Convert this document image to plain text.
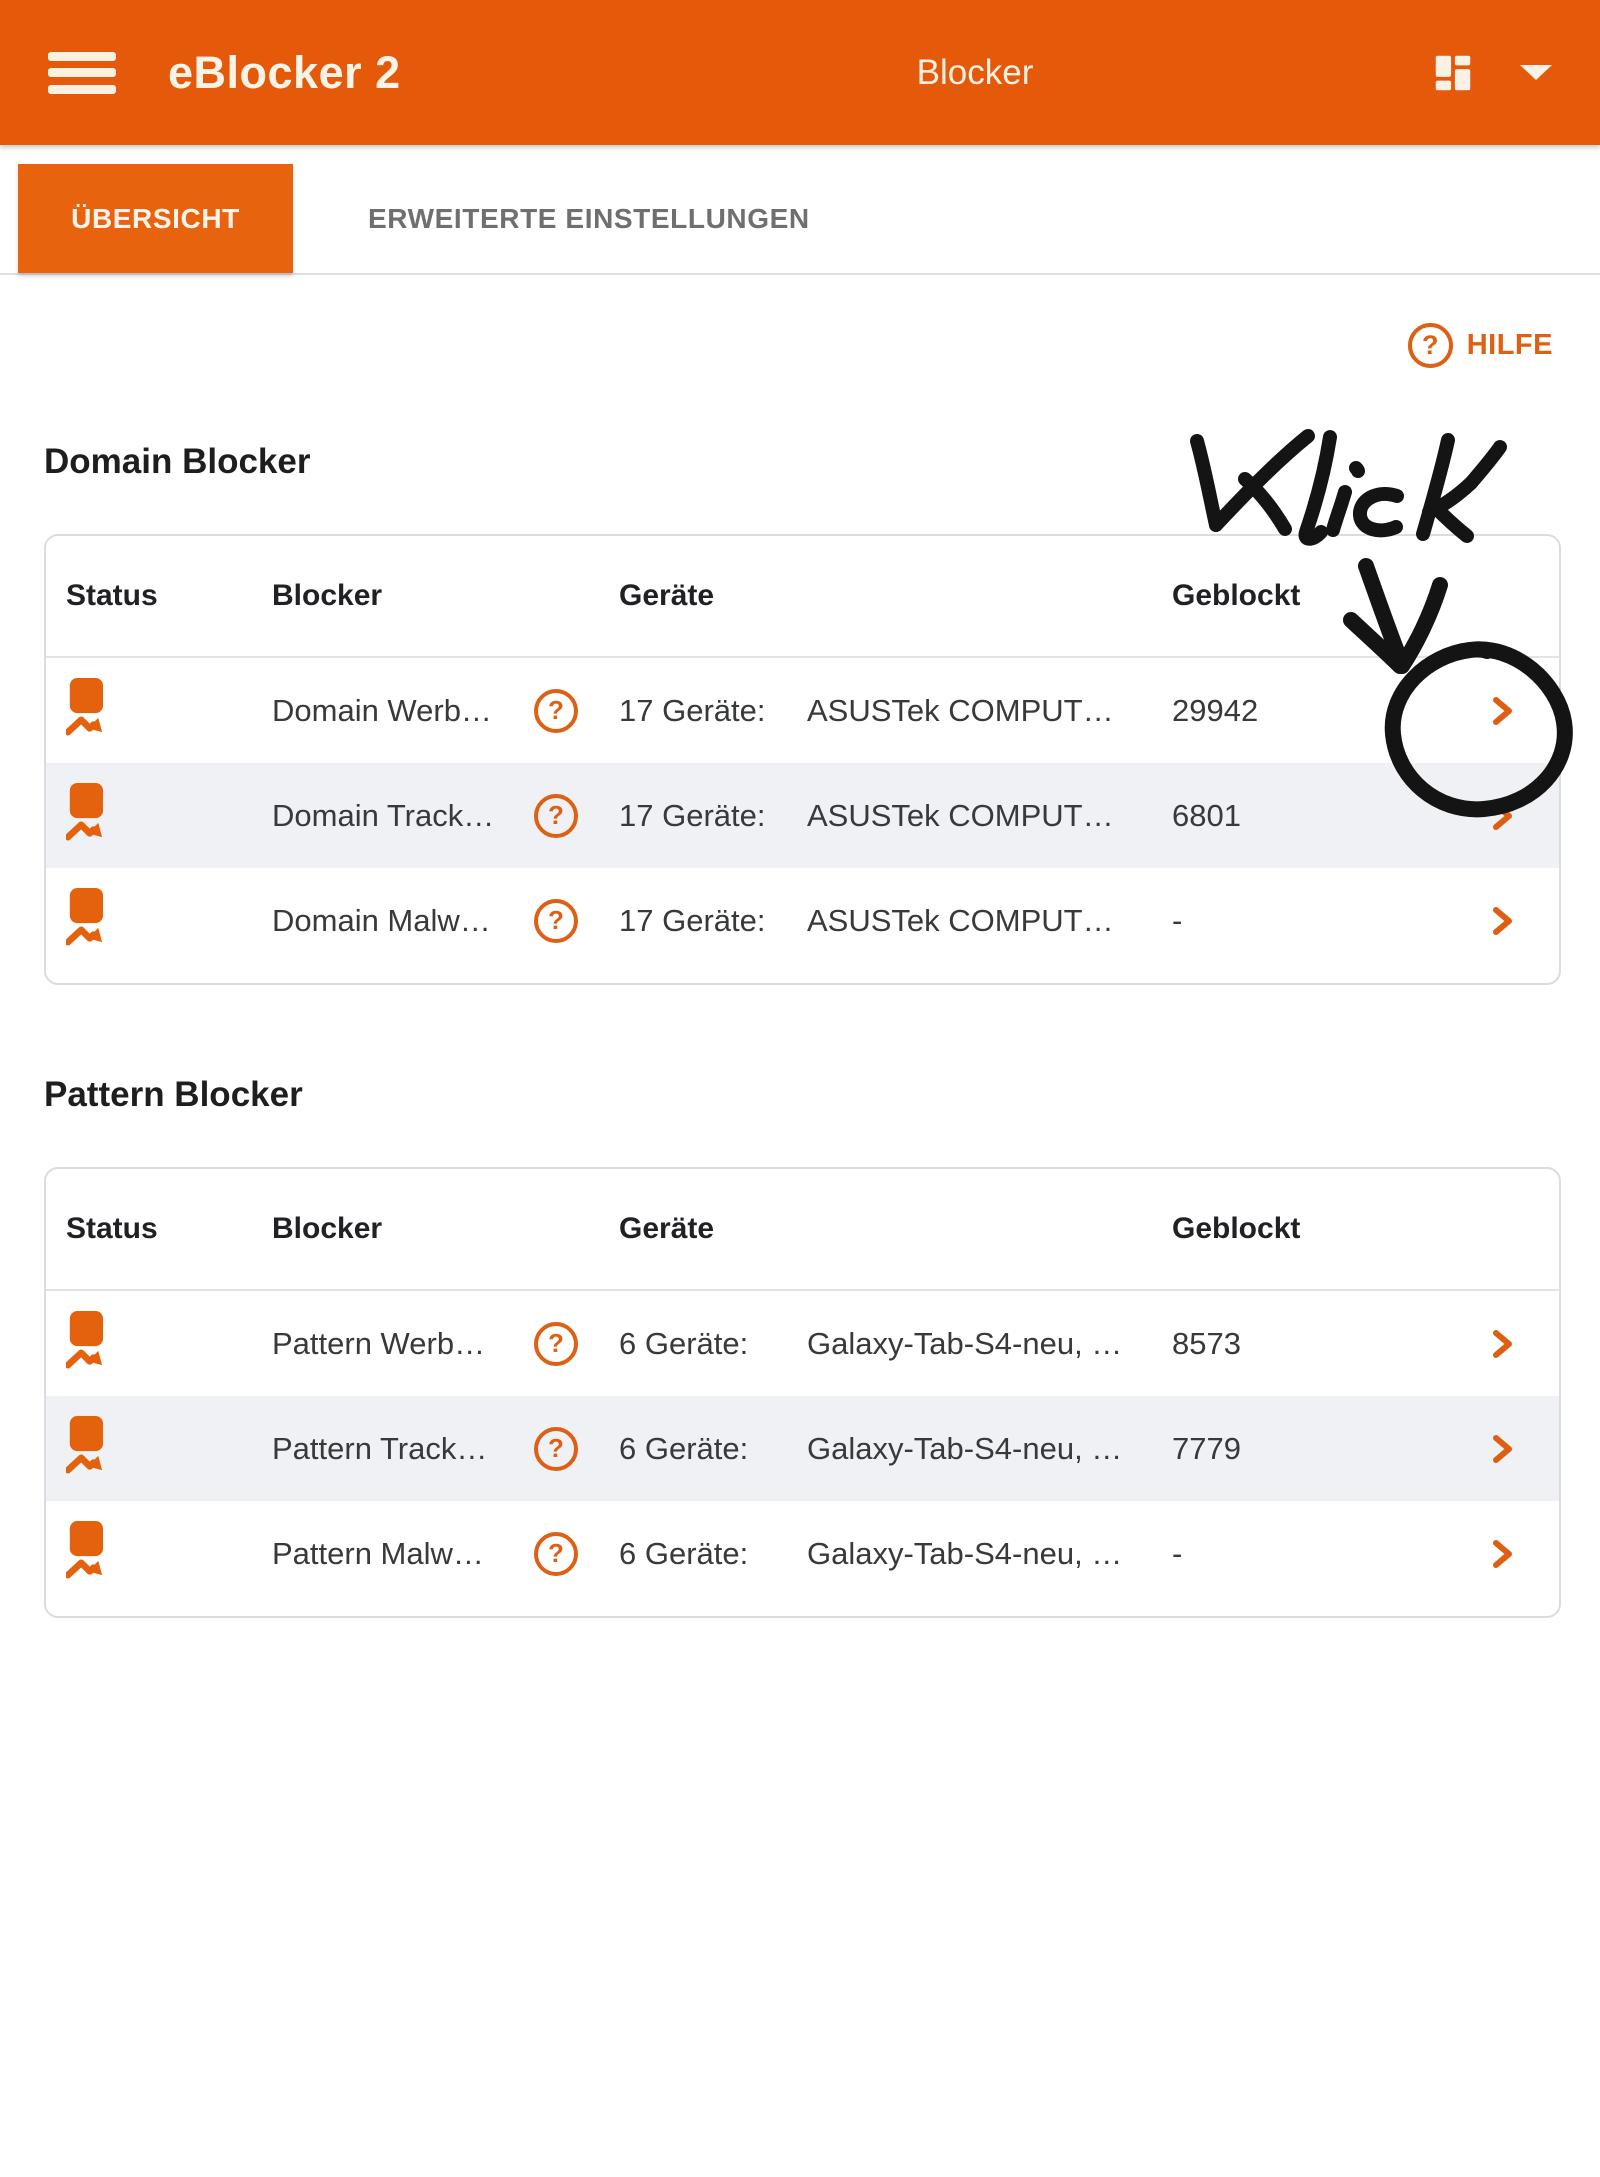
eBlocker 2	Blocker
ÜBERSICHT	ERWEITERTE EINSTELLUNGEN
? HILFE
Domain Blocker
Status	Blocker	Geräte	Geblockt
Domain Werb…	?	17 Geräte:	ASUSTek COMPUT… 29942
Domain Track…	?	17 Geräte:	ASUSTek COMPUT… 6801
Domain Malw…	?	17 Geräte:	ASUSTek COMPUT… -
Pattern Blocker
Status	Blocker	Geräte	Geblockt
Pattern Werb…	?	6 Geräte:	Galaxy-Tab-S4-neu, … 8573
Pattern Track…	?	6 Geräte:	Galaxy-Tab-S4-neu, … 7779
Pattern Malw…	?	6 Geräte:	Galaxy-Tab-S4-neu, … -
